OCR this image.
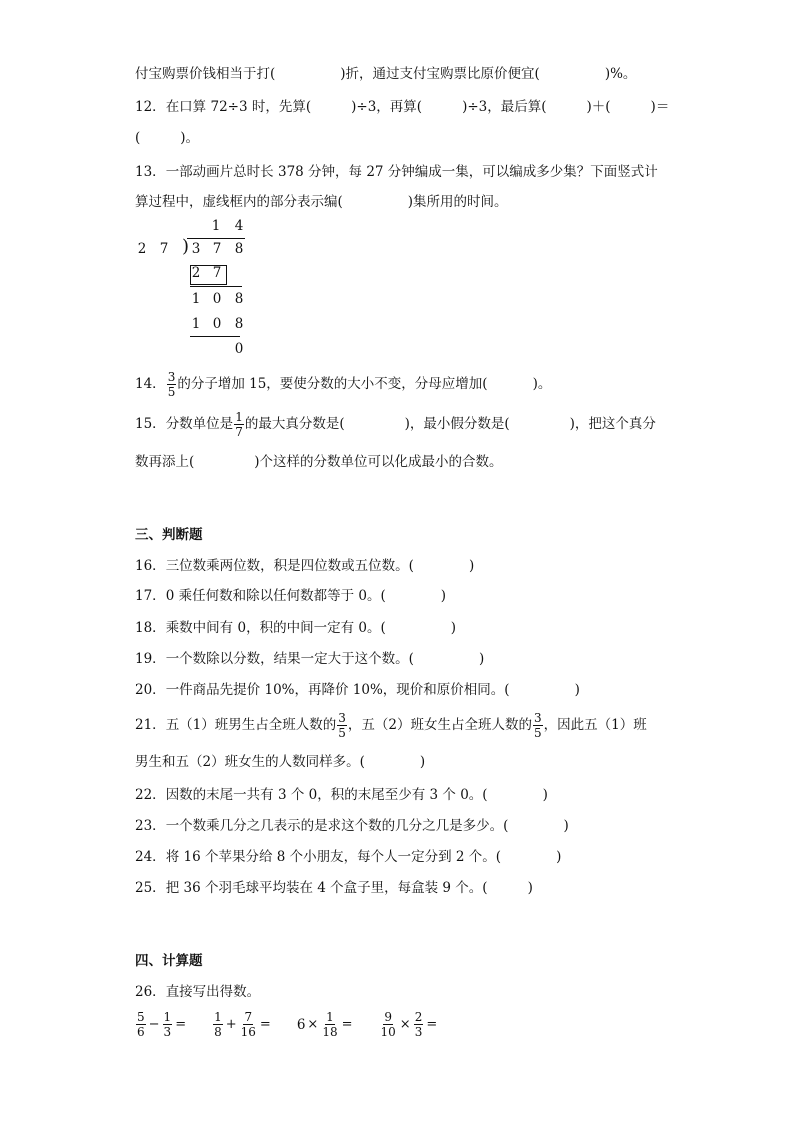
付宝购票价钱相当于打(	)折，通过支付宝购票比原价便宜(	)%。
12．在口算 72÷3 时，先算(	)÷3，再算(	)÷3，最后算(	)＋(	)＝
(	)。
13．一部动画片总时长 378 分钟，每 27 分钟编成一集，可以编成多少集？下面竖式计
算过程中，虚线框内的部分表示编(	)集所用的时间。
1 4
2 7 ) 3 7 8
2 7
1 0 8
1 0 8
0
14． $\frac{3}{5}$ 的分子增加 15，要使分数的大小不变，分母应增加(	)。
15．分数单位是 $\frac{1}{7}$ 的最大真分数是(	)，最小假分数是(	)，把这个真分
数再添上(	)个这样的分数单位可以化成最小的合数。
三、判断题
16．三位数乘两位数，积是四位数或五位数。(	)
17．0 乘任何数和除以任何数都等于 0。(	)
18．乘数中间有 0，积的中间一定有 0。(	)
19．一个数除以分数，结果一定大于这个数。(	)
20．一件商品先提价 10%，再降价 10%，现价和原价相同。(	)
21．五（1）班男生占全班人数的 $\frac{3}{5}$ ，五（2）班女生占全班人数的 $\frac{3}{5}$ ，因此五（1）班
男生和五（2）班女生的人数同样多。(	)
22．因数的末尾一共有 3 个 0，积的末尾至少有 3 个 0。(	)
23．一个数乘几分之几表示的是求这个数的几分之几是多少。(	)
24．将 16 个苹果分给 8 个小朋友，每个人一定分到 2 个。(	)
25．把 36 个羽毛球平均装在 4 个盒子里，每盒装 9 个。(	)
四、计算题
26．直接写出得数。
$\frac{5}{6} - \frac{1}{3} = \frac{1}{8} + \frac{7}{16} = 6 \times \frac{1}{18} = \frac{9}{10} \times \frac{2}{3}$ =
